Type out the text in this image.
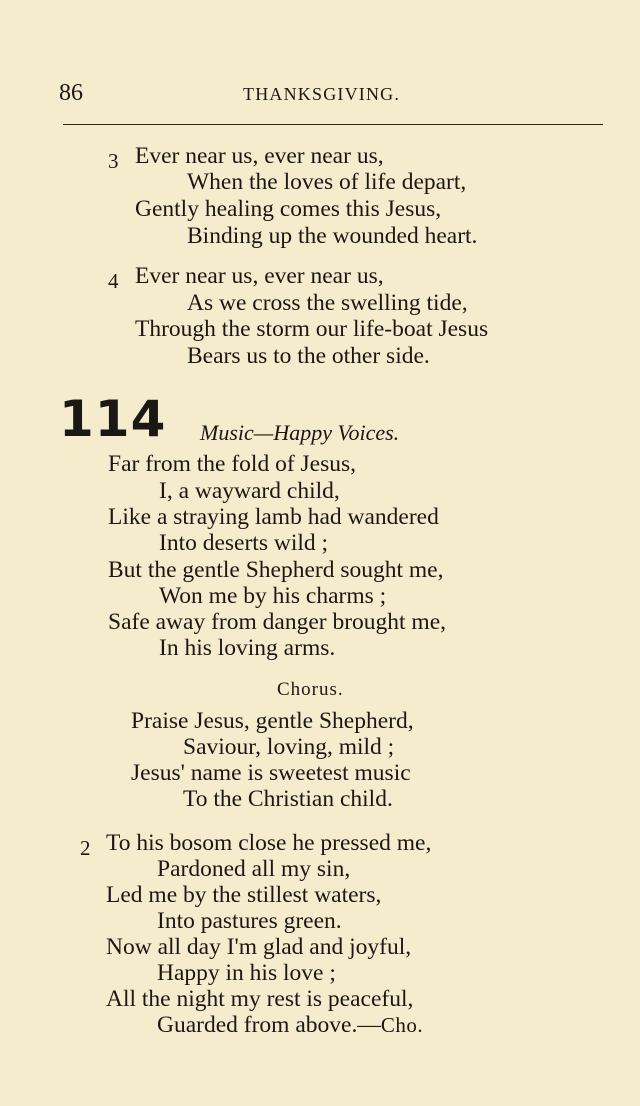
86	THANKSGIVING.
3 Ever near us, ever near us,
When the loves of life depart,
Gently healing comes this Jesus,
Binding up the wounded heart.
4 Ever near us, ever near us,
As we cross the swelling tide,
Through the storm our life-boat Jesus
Bears us to the other side.
114 Music—Happy Voices.
Far from the fold of Jesus,
I, a wayward child,
Like a straying lamb had wandered
Into deserts wild ;
But the gentle Shepherd sought me,
Won me by his charms ;
Safe away from danger brought me,
In his loving arms.
Chorus.
Praise Jesus, gentle Shepherd,
Saviour, loving, mild ;
Jesus' name is sweetest music
To the Christian child.
2 To his bosom close he pressed me,
Pardoned all my sin,
Led me by the stillest waters,
Into pastures green.
Now all day I'm glad and joyful,
Happy in his love ;
All the night my rest is peaceful,
Guarded from above.—Cho.
